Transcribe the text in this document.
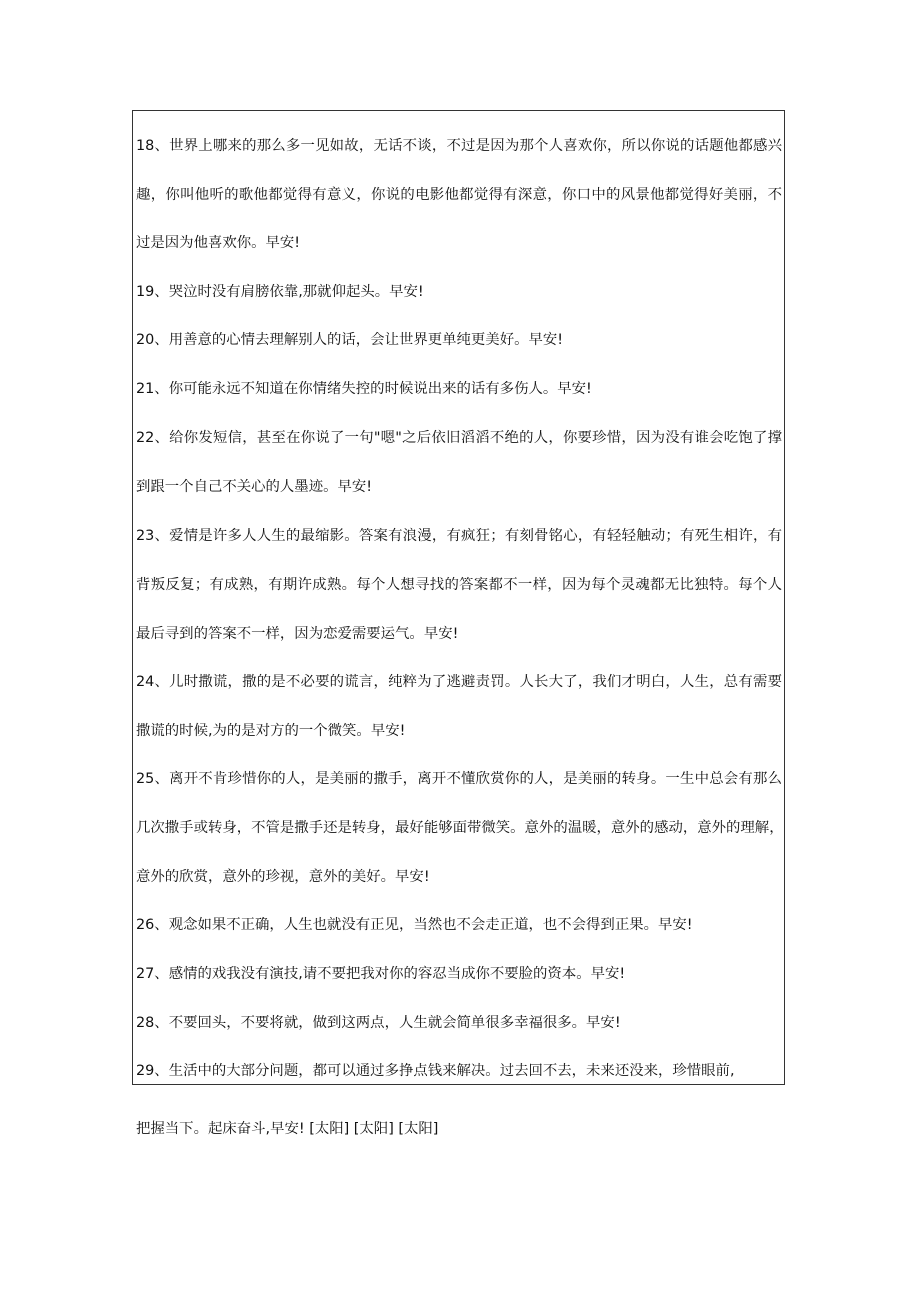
18、世界上哪来的那么多一见如故，无话不谈，不过是因为那个人喜欢你，所以你说的话题他都感兴
趣，你叫他听的歌他都觉得有意义，你说的电影他都觉得有深意，你口中的风景他都觉得好美丽，不
过是因为他喜欢你。早安!
19、哭泣时没有肩膀依靠,那就仰起头。早安!
20、用善意的心情去理解别人的话，会让世界更单纯更美好。早安!
21、你可能永远不知道在你情绪失控的时候说出来的话有多伤人。早安!
22、给你发短信，甚至在你说了一句"嗯"之后依旧滔滔不绝的人，你要珍惜，因为没有谁会吃饱了撑
到跟一个自己不关心的人墨迹。早安!
23、爱情是许多人人生的最缩影。答案有浪漫，有疯狂；有刻骨铭心，有轻轻触动；有死生相许，有
背叛反复；有成熟，有期许成熟。每个人想寻找的答案都不一样，因为每个灵魂都无比独特。每个人
最后寻到的答案不一样，因为恋爱需要运气。早安!
24、儿时撒谎，撒的是不必要的谎言，纯粹为了逃避责罚。人长大了，我们才明白，人生，总有需要
撒谎的时候,为的是对方的一个微笑。早安!
25、离开不肯珍惜你的人，是美丽的撒手，离开不懂欣赏你的人，是美丽的转身。一生中总会有那么
几次撒手或转身，不管是撒手还是转身，最好能够面带微笑。意外的温暖，意外的感动，意外的理解，
意外的欣赏，意外的珍视，意外的美好。早安!
26、观念如果不正确，人生也就没有正见，当然也不会走正道，也不会得到正果。早安!
27、感情的戏我没有演技,请不要把我对你的容忍当成你不要脸的资本。早安!
28、不要回头，不要将就，做到这两点，人生就会简单很多幸福很多。早安!
29、生活中的大部分问题，都可以通过多挣点钱来解决。过去回不去，未来还没来，珍惜眼前,
把握当下。起床奋斗,早安! [太阳] [太阳] [太阳]
